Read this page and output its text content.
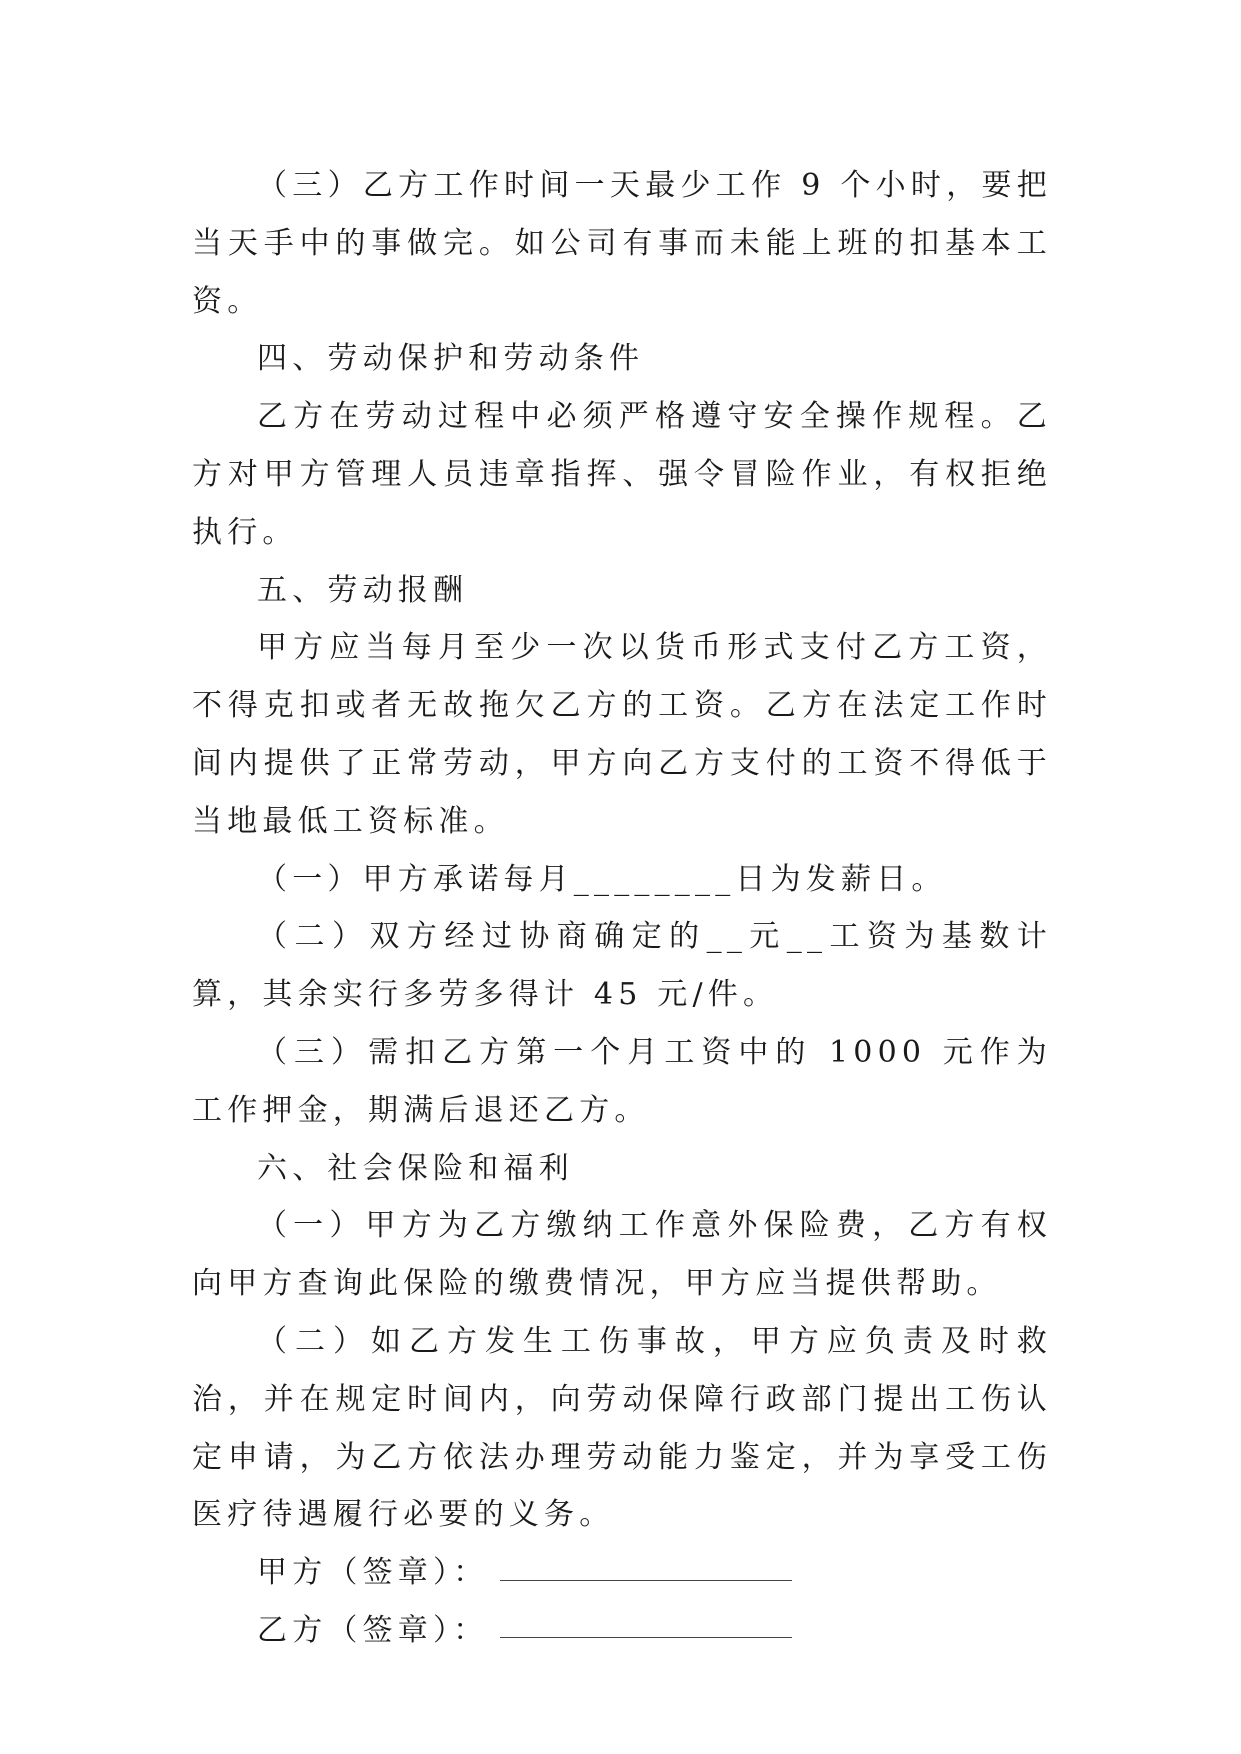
（三）乙方工作时间一天最少工作 9 个小时，要把当天手中的事做完。如公司有事而未能上班的扣基本工资。

四、劳动保护和劳动条件

乙方在劳动过程中必须严格遵守安全操作规程。乙方对甲方管理人员违章指挥、强令冒险作业，有权拒绝执行。

五、劳动报酬

甲方应当每月至少一次以货币形式支付乙方工资，不得克扣或者无故拖欠乙方的工资。乙方在法定工作时间内提供了正常劳动，甲方向乙方支付的工资不得低于当地最低工资标准。

（一）甲方承诺每月________日为发薪日。

（二）双方经过协商确定的__元__工资为基数计算，其余实行多劳多得计 45 元/件。

（三）需扣乙方第一个月工资中的 1000 元作为工作押金，期满后退还乙方。

六、社会保险和福利

（一）甲方为乙方缴纳工作意外保险费，乙方有权向甲方查询此保险的缴费情况，甲方应当提供帮助。

（二）如乙方发生工伤事故，甲方应负责及时救治，并在规定时间内，向劳动保障行政部门提出工伤认定申请，为乙方依法办理劳动能力鉴定，并为享受工伤医疗待遇履行必要的义务。

甲方（签章）：

乙方（签章）：
